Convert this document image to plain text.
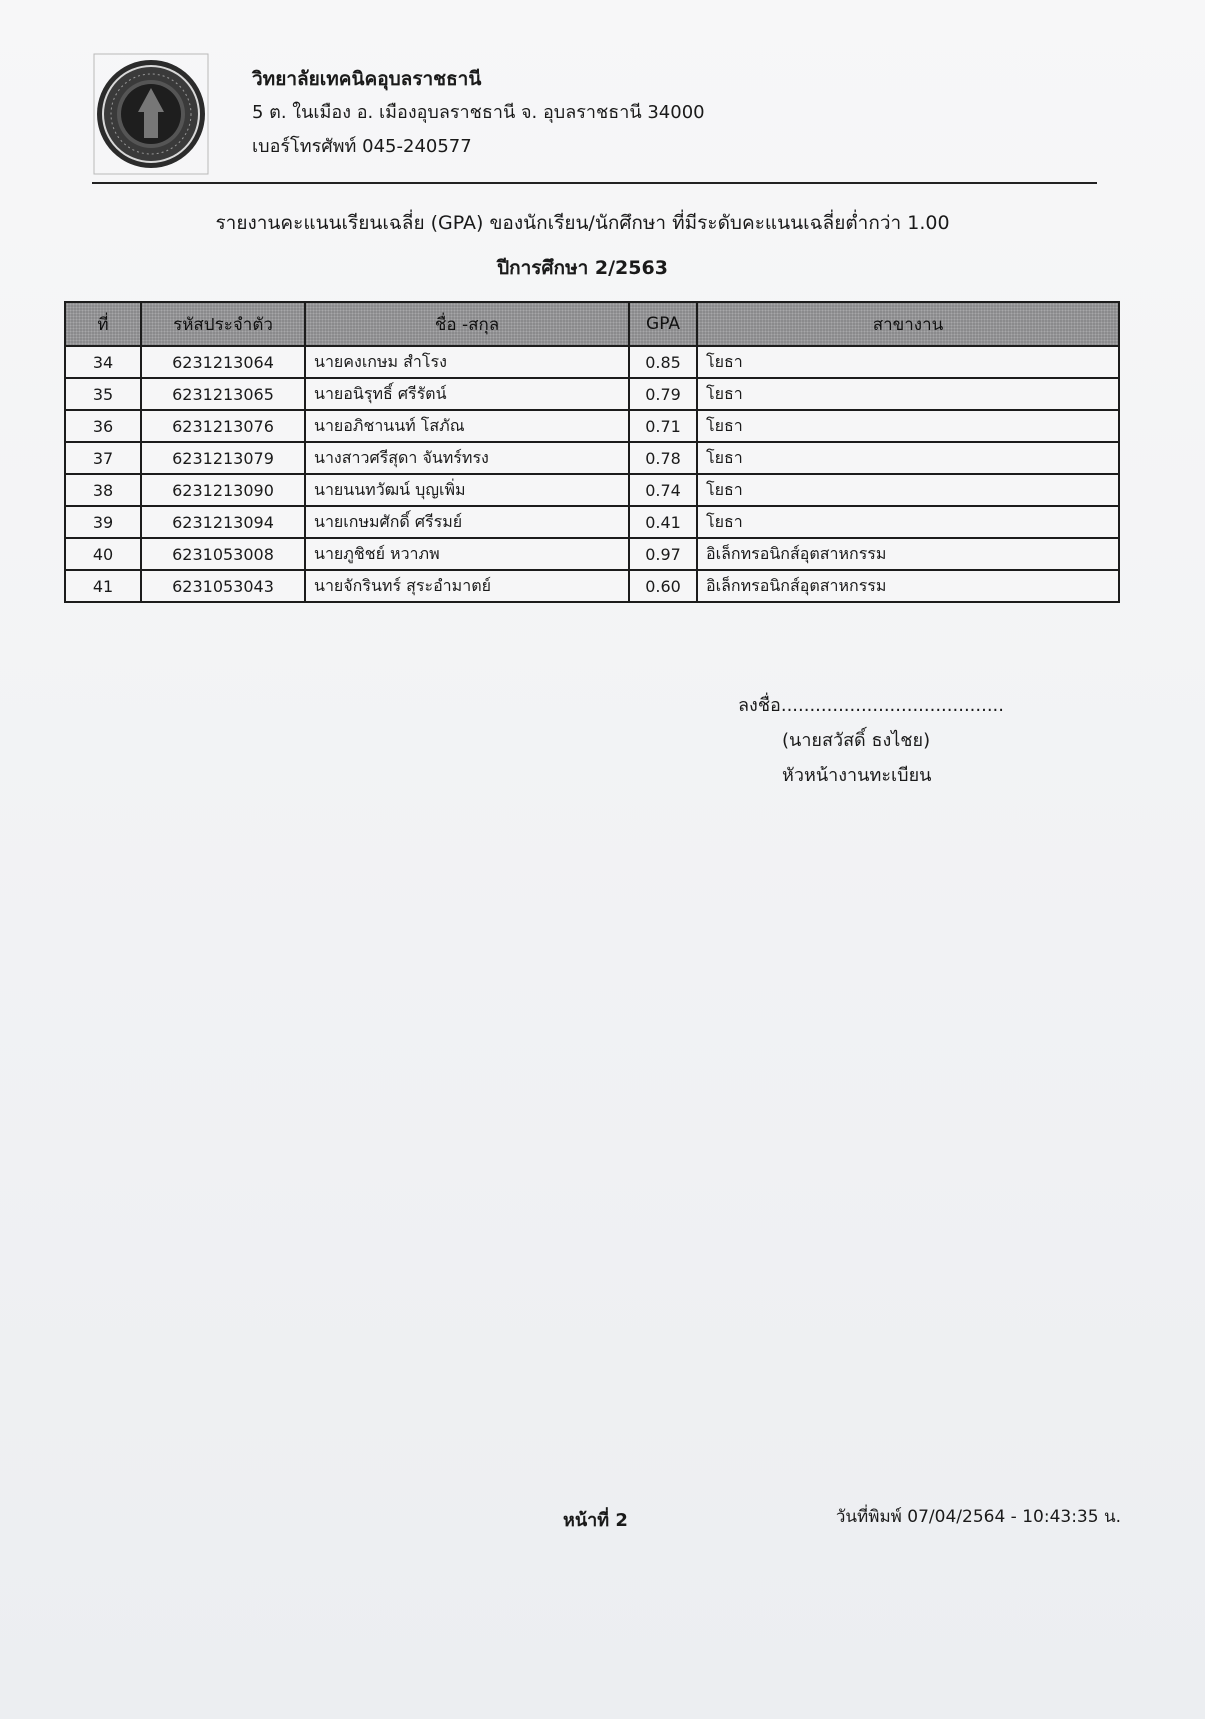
วิทยาลัยเทคนิคอุบลราชธานี
5 ต. ในเมือง อ. เมืองอุบลราชธานี จ. อุบลราชธานี 34000
เบอร์โทรศัพท์ 045-240577
รายงานคะแนนเรียนเฉลี่ย (GPA) ของนักเรียน/นักศึกษา ที่มีระดับคะแนนเฉลี่ยต่ำกว่า 1.00
ปีการศึกษา 2/2563
ที่	รหัสประจำตัว	ชื่อ -สกุล	GPA	สาขางาน
34	6231213064	นายคงเกษม สำโรง	0.85	โยธา
35	6231213065	นายอนิรุทธิ์ ศรีรัตน์	0.79	โยธา
36	6231213076	นายอภิชานนท์ โสภัณ	0.71	โยธา
37	6231213079	นางสาวศรีสุดา จันทร์ทรง	0.78	โยธา
38	6231213090	นายนนทวัฒน์ บุญเพิ่ม	0.74	โยธา
39	6231213094	นายเกษมศักดิ์ ศรีรมย์	0.41	โยธา
40	6231053008	นายภูชิชย์ หวาภพ	0.97	อิเล็กทรอนิกส์อุตสาหกรรม
41	6231053043	นายจักรินทร์ สุระอำมาตย์	0.60	อิเล็กทรอนิกส์อุตสาหกรรม
ลงชื่อ.......................................
(นายสวัสดิ์ ธงไชย)
หัวหน้างานทะเบียน
หน้าที่ 2	วันที่พิมพ์ 07/04/2564 - 10:43:35 น.
